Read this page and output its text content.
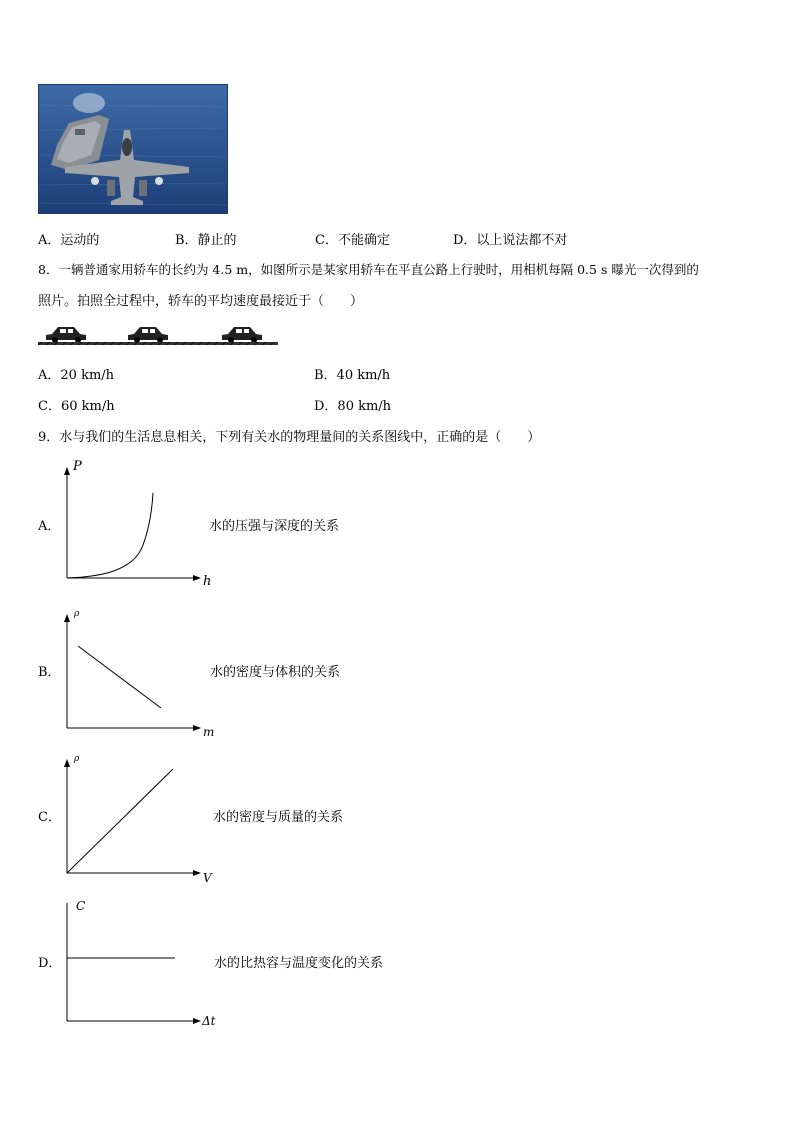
A．运动的	B．静止的	C．不能确定	D．以上说法都不对
8．一辆普通家用轿车的长约为 4.5 m，如图所示是某家用轿车在平直公路上行驶时，用相机每隔 0.5 s 曝光一次得到的
照片。拍照全过程中，轿车的平均速度最接近于（　　）
A．20 km/h	B．40 km/h
C．60 km/h	D．80 km/h
9．水与我们的生活息息相关，下列有关水的物理量间的关系图线中，正确的是（　　）
A．
P
h
水的压强与深度的关系
B．
ρ
m
水的密度与体积的关系
C．
ρ
V
水的密度与质量的关系
D．
C
Δt
水的比热容与温度变化的关系
